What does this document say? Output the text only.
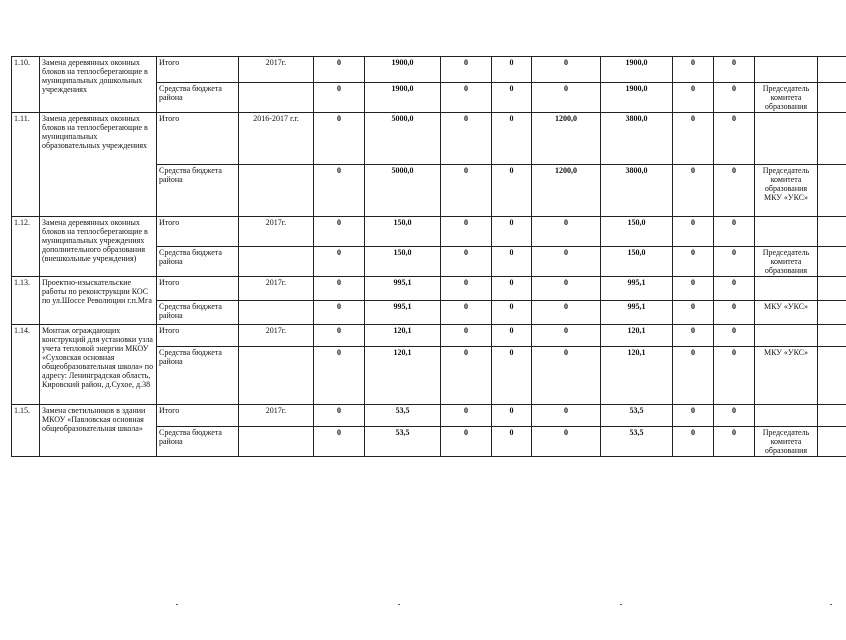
1.10.	Замена деревянных оконных блоков на теплосберегающие в муниципальных дошкольных учреждениях	Итого	2017г.	0	1900,0	0	0	0	1900,0	0	0		
		Средства бюджета района		0	1900,0	0	0	0	1900,0	0	0	Председатель комитета образования	
1.11.	Замена деревянных оконных блоков на теплосберегающие в муниципальных образовательных учреждениях	Итого	2016-2017 г.г.	0	5000,0	0	0	1200,0	3800,0	0	0		
		Средства бюджета района		0	5000,0	0	0	1200,0	3800,0	0	0	Председатель комитета образования МКУ «УКС»	
1.12.	Замена деревянных оконных блоков на теплосберегающие в муниципальных учреждениях дополнительного образования (внешкольные учреждения)	Итого	2017г.	0	150,0	0	0	0	150,0	0	0		
		Средства бюджета района		0	150,0	0	0	0	150,0	0	0	Председатель комитета образования	
1.13.	Проектно-изыскательские работы по реконструкции КОС по ул.Шоссе Революции г.п.Мга	Итого	2017г.	0	995,1	0	0	0	995,1	0	0		
		Средства бюджета района		0	995,1	0	0	0	995,1	0	0	МКУ «УКС»	
1.14.	Монтаж ограждающих конструкций для установки узла учета тепловой энергии МКОУ «Суховская основная общеобразовательная школа» по адресу: Ленинградская область, Кировский район, д.Сухое, д.38	Итого	2017г.	0	120,1	0	0	0	120,1	0	0		
		Средства бюджета района		0	120,1	0	0	0	120,1	0	0	МКУ «УКС»	
1.15.	Замена светильников в здании МКОУ «Павловская основная общеобразовательная школа»	Итого	2017г.	0	53,5	0	0	0	53,5	0	0		
		Средства бюджета района		0	53,5	0	0	0	53,5	0	0	Председатель комитета образования	
